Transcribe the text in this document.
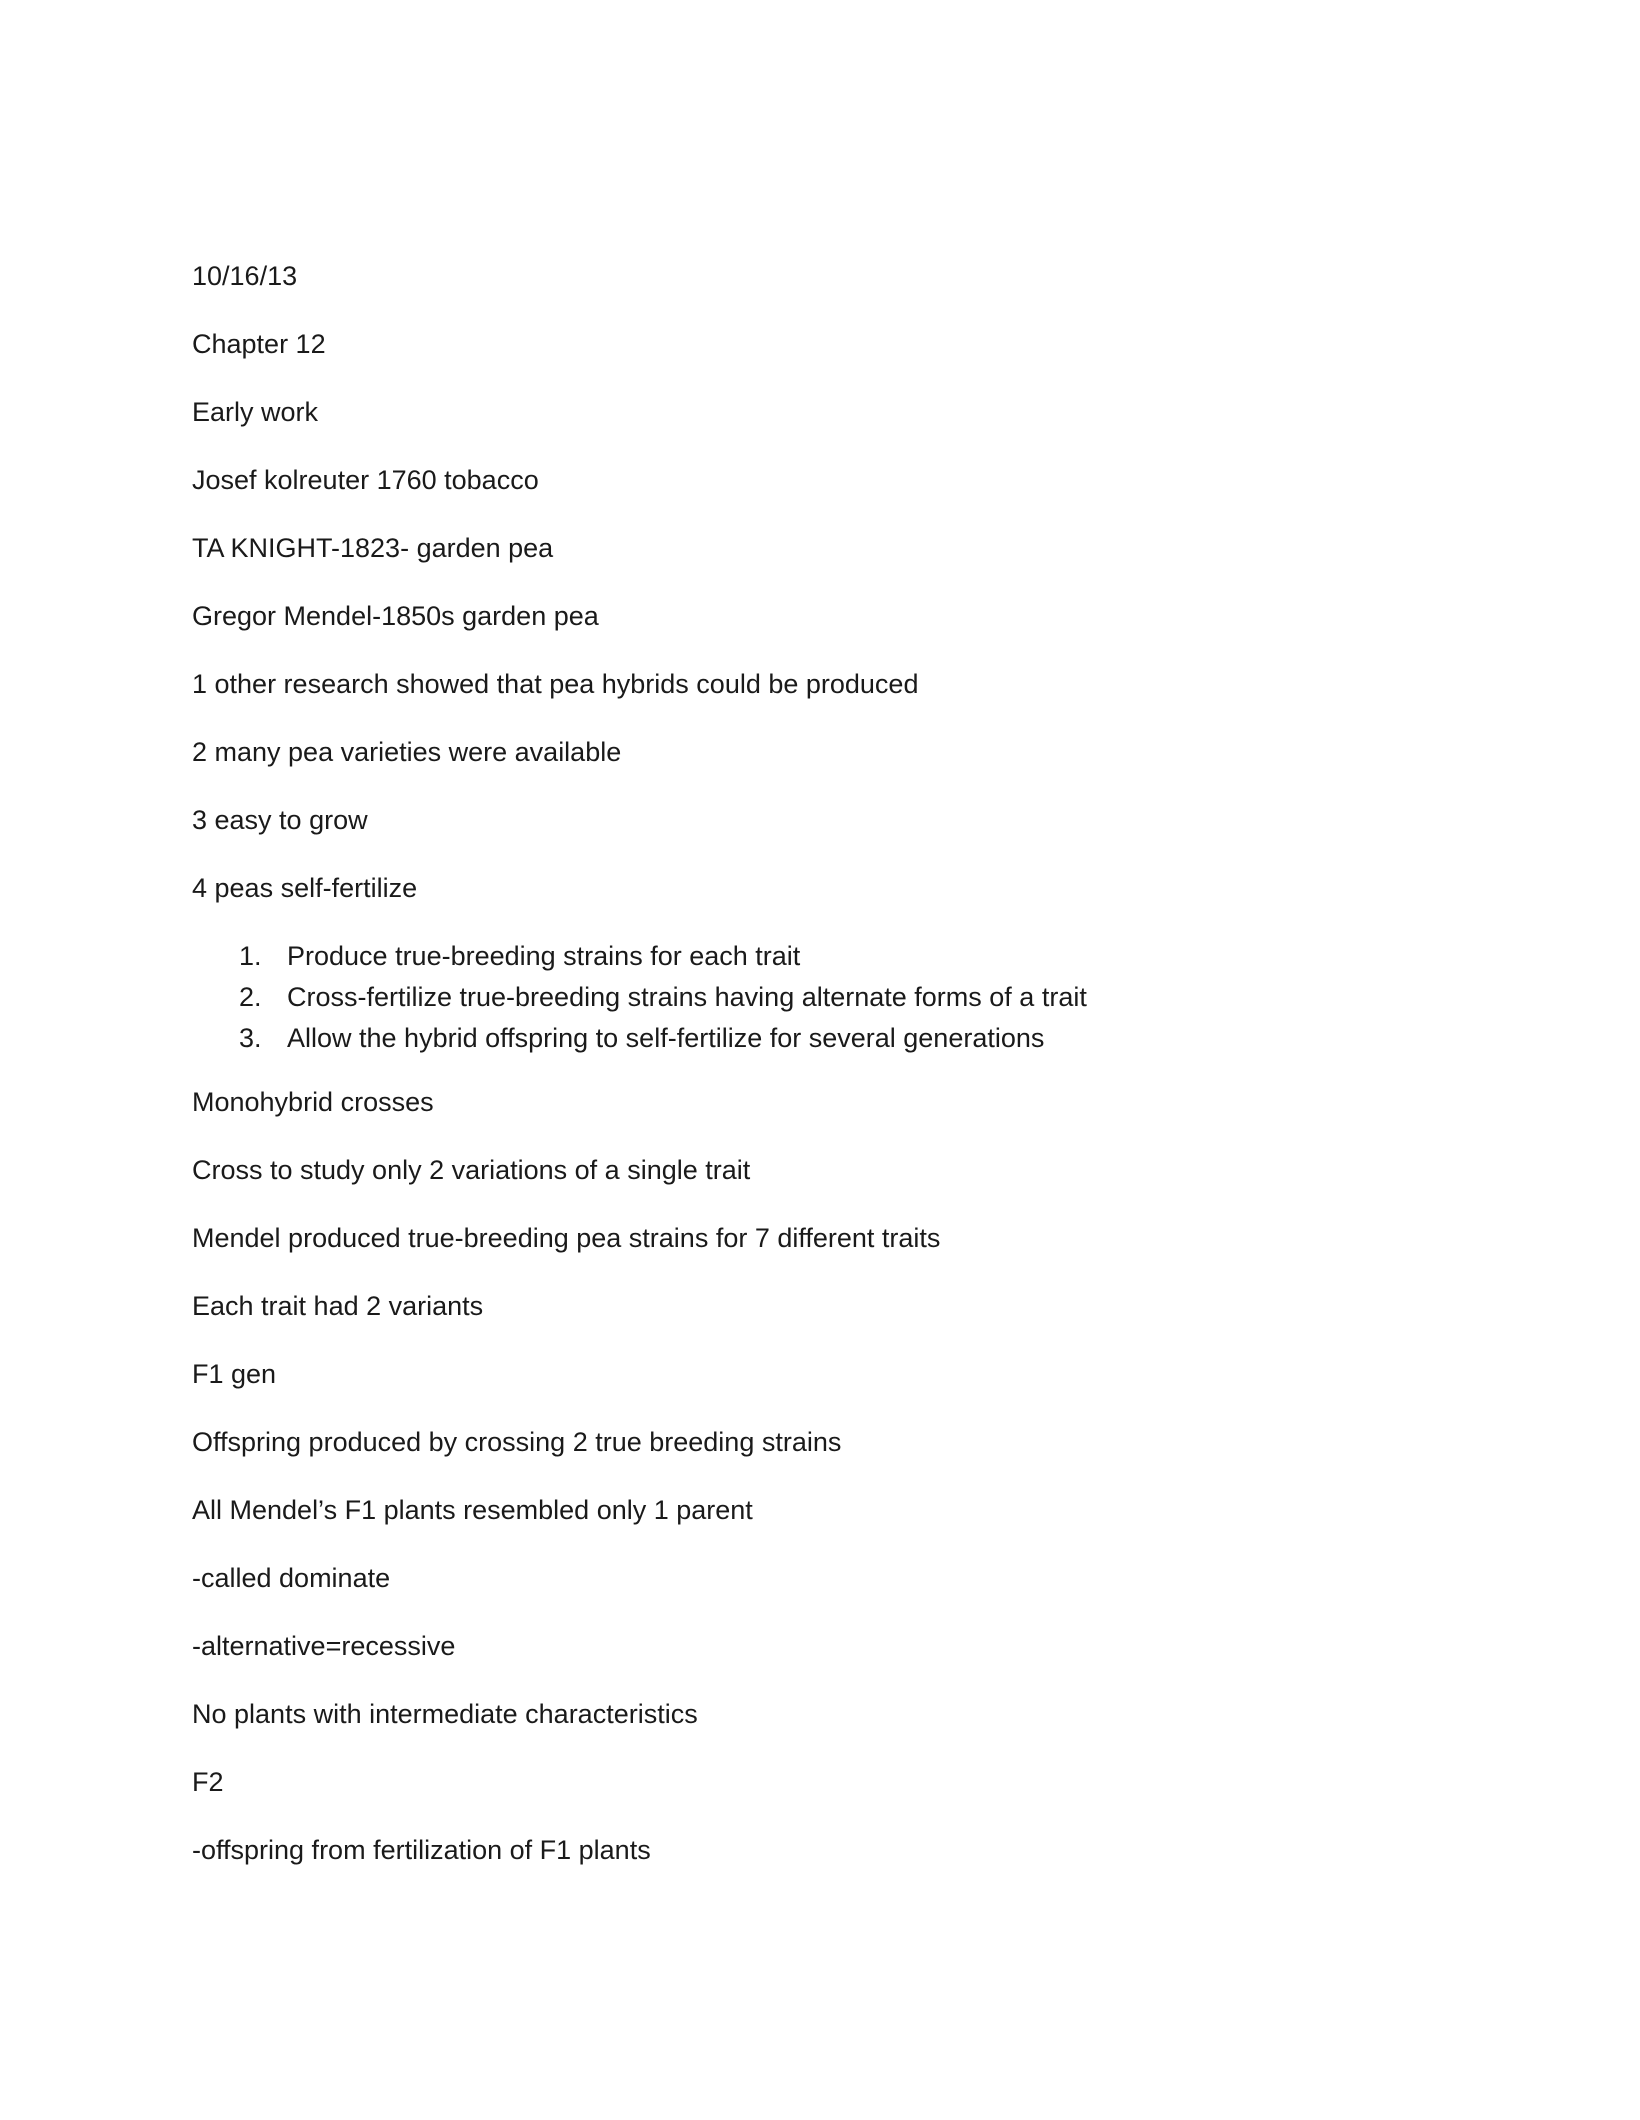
10/16/13
Chapter 12
Early work
Josef kolreuter 1760 tobacco
TA KNIGHT-1823- garden pea
Gregor Mendel-1850s garden pea
1 other research showed that pea hybrids could be produced
2 many pea varieties were available
3 easy to grow
4 peas self-fertilize
1. Produce true-breeding strains for each trait
2. Cross-fertilize true-breeding strains having alternate forms of a trait
3. Allow the hybrid offspring to self-fertilize for several generations
Monohybrid crosses
Cross to study only 2 variations of a single trait
Mendel produced true-breeding pea strains for 7 different traits
Each trait had 2 variants
F1 gen
Offspring produced by crossing 2 true breeding strains
All Mendel’s F1 plants resembled only 1 parent
-called dominate
-alternative=recessive
No plants with intermediate characteristics
F2
-offspring from fertilization of F1 plants
